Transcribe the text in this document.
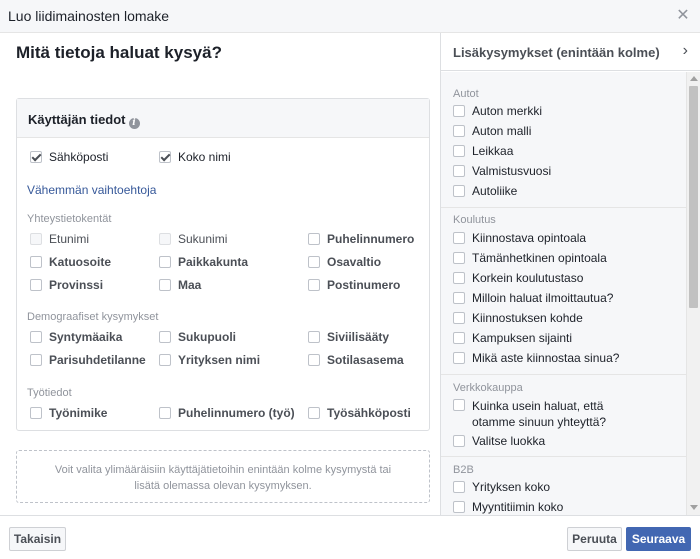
Luo liidimainosten lomake	✕
Mitä tietoja haluat kysyä?
Käyttäjän tiedot i
Sähköposti	Koko nimi
Vähemmän vaihtoehtoja
Yhteystietokentät
Etunimi	Sukunimi	Puhelinnumero
Katuosoite	Paikkakunta	Osavaltio
Provinssi	Maa	Postinumero
Demograafiset kysymykset
Syntymäaika	Sukupuoli	Siviilisääty
Parisuhdetilanne	Yrityksen nimi	Sotilasasema
Työtiedot
Työnimike	Puhelinnumero (työ)	Työsähköposti
Voit valita ylimääräisiin käyttäjätietoihin enintään kolme kysymystä tai lisätä olemassa olevan kysymyksen.
Lisäkysymykset (enintään kolme) ›
Autot
Auton merkki
Auton malli
Leikkaa
Valmistusvuosi
Autoliike
Koulutus
Kiinnostava opintoala
Tämänhetkinen opintoala
Korkein koulutustaso
Milloin haluat ilmoittautua?
Kiinnostuksen kohde
Kampuksen sijainti
Mikä aste kiinnostaa sinua?
Verkkokauppa
Kuinka usein haluat, että otamme sinuun yhteyttä?
Valitse luokka
B2B
Yrityksen koko
Myyntitiimin koko
Takaisin	Peruuta	Seuraava
